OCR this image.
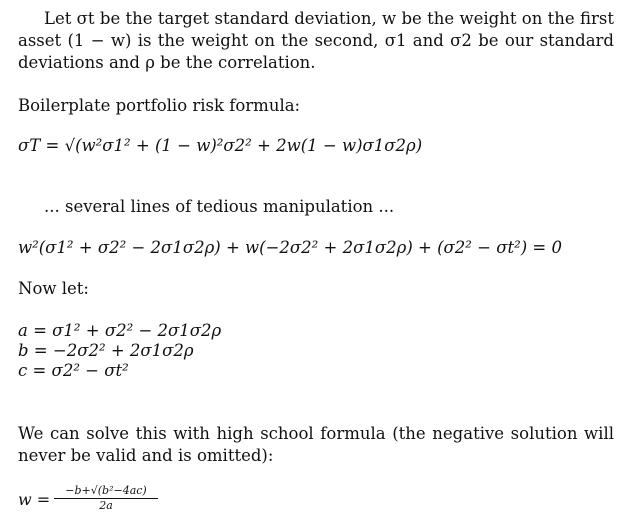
Let σt be the target standard deviation, w be the weight on the first asset (1 − w) is the weight on the second, σ1 and σ2 be our standard deviations and ρ be the correlation.
Boilerplate portfolio risk formula:
σT = √(w²σ1² + (1 − w)²σ2² + 2w(1 − w)σ1σ2ρ)
... several lines of tedious manipulation ...
w²(σ1² + σ2² − 2σ1σ2ρ) + w(−2σ2² + 2σ1σ2ρ) + (σ2² − σt²) = 0
Now let:
a = σ1² + σ2² − 2σ1σ2ρ
b = −2σ2² + 2σ1σ2ρ
c = σ2² − σt²
We can solve this with high school formula (the negative solution will never be valid and is omitted):
$w = \frac{\text{−b+√(b²−4ac)}}{2a}$
